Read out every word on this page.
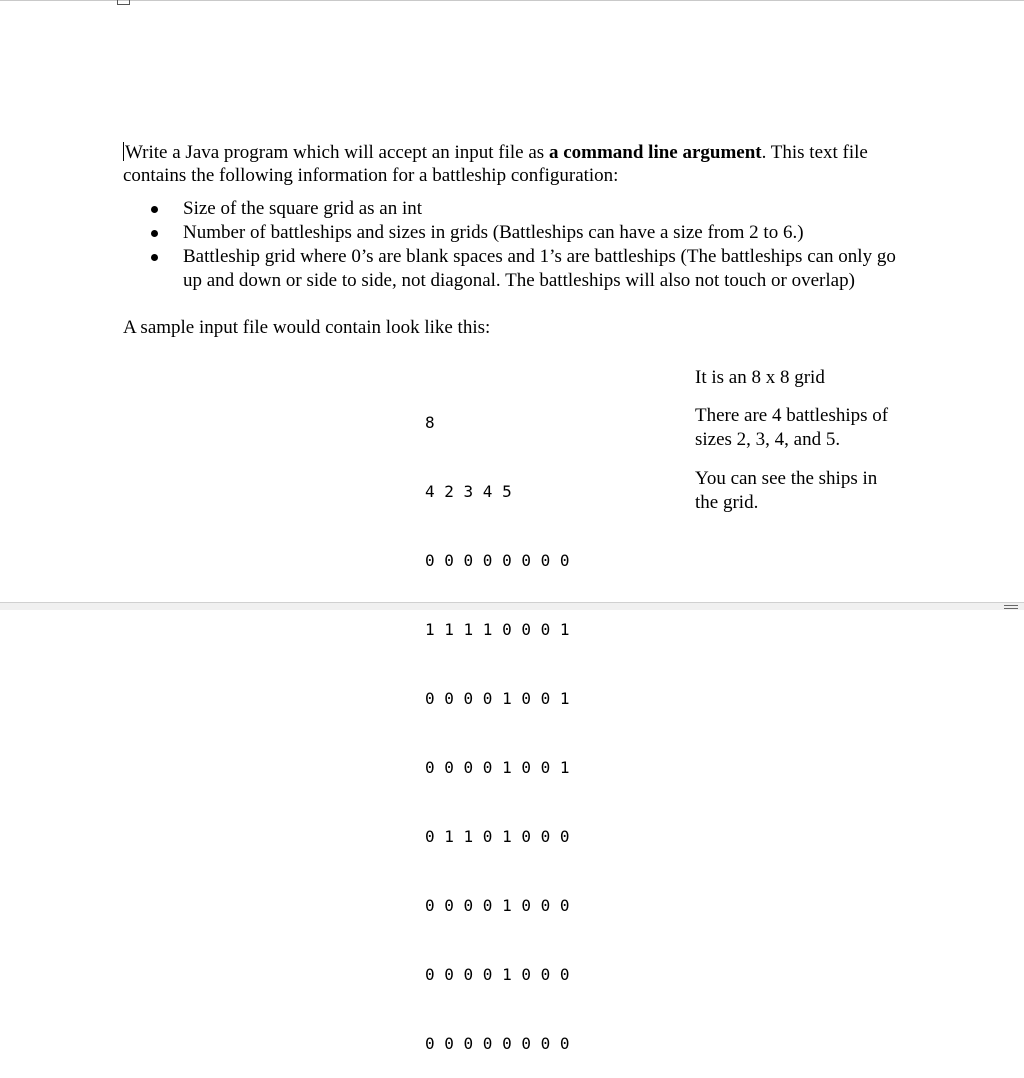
Write a Java program which will accept an input file as a command line argument. This text file contains the following information for a battleship configuration:
Size of the square grid as an int
Number of battleships and sizes in grids (Battleships can have a size from 2 to 6.)
Battleship grid where 0’s are blank spaces and 1’s are battleships (The battleships can only go up and down or side to side, not diagonal. The battleships will also not touch or overlap)
A sample input file would contain look like this:

8

4 2 3 4 5

0 0 0 0 0 0 0 0

1 1 1 1 0 0 0 1

0 0 0 0 1 0 0 1

0 0 0 0 1 0 0 1

0 1 1 0 1 0 0 0

0 0 0 0 1 0 0 0

0 0 0 0 1 0 0 0

0 0 0 0 0 0 0 0

It is an 8 x 8 grid
There are 4 battleships of
sizes 2, 3, 4, and 5.
You can see the ships in
the grid.
